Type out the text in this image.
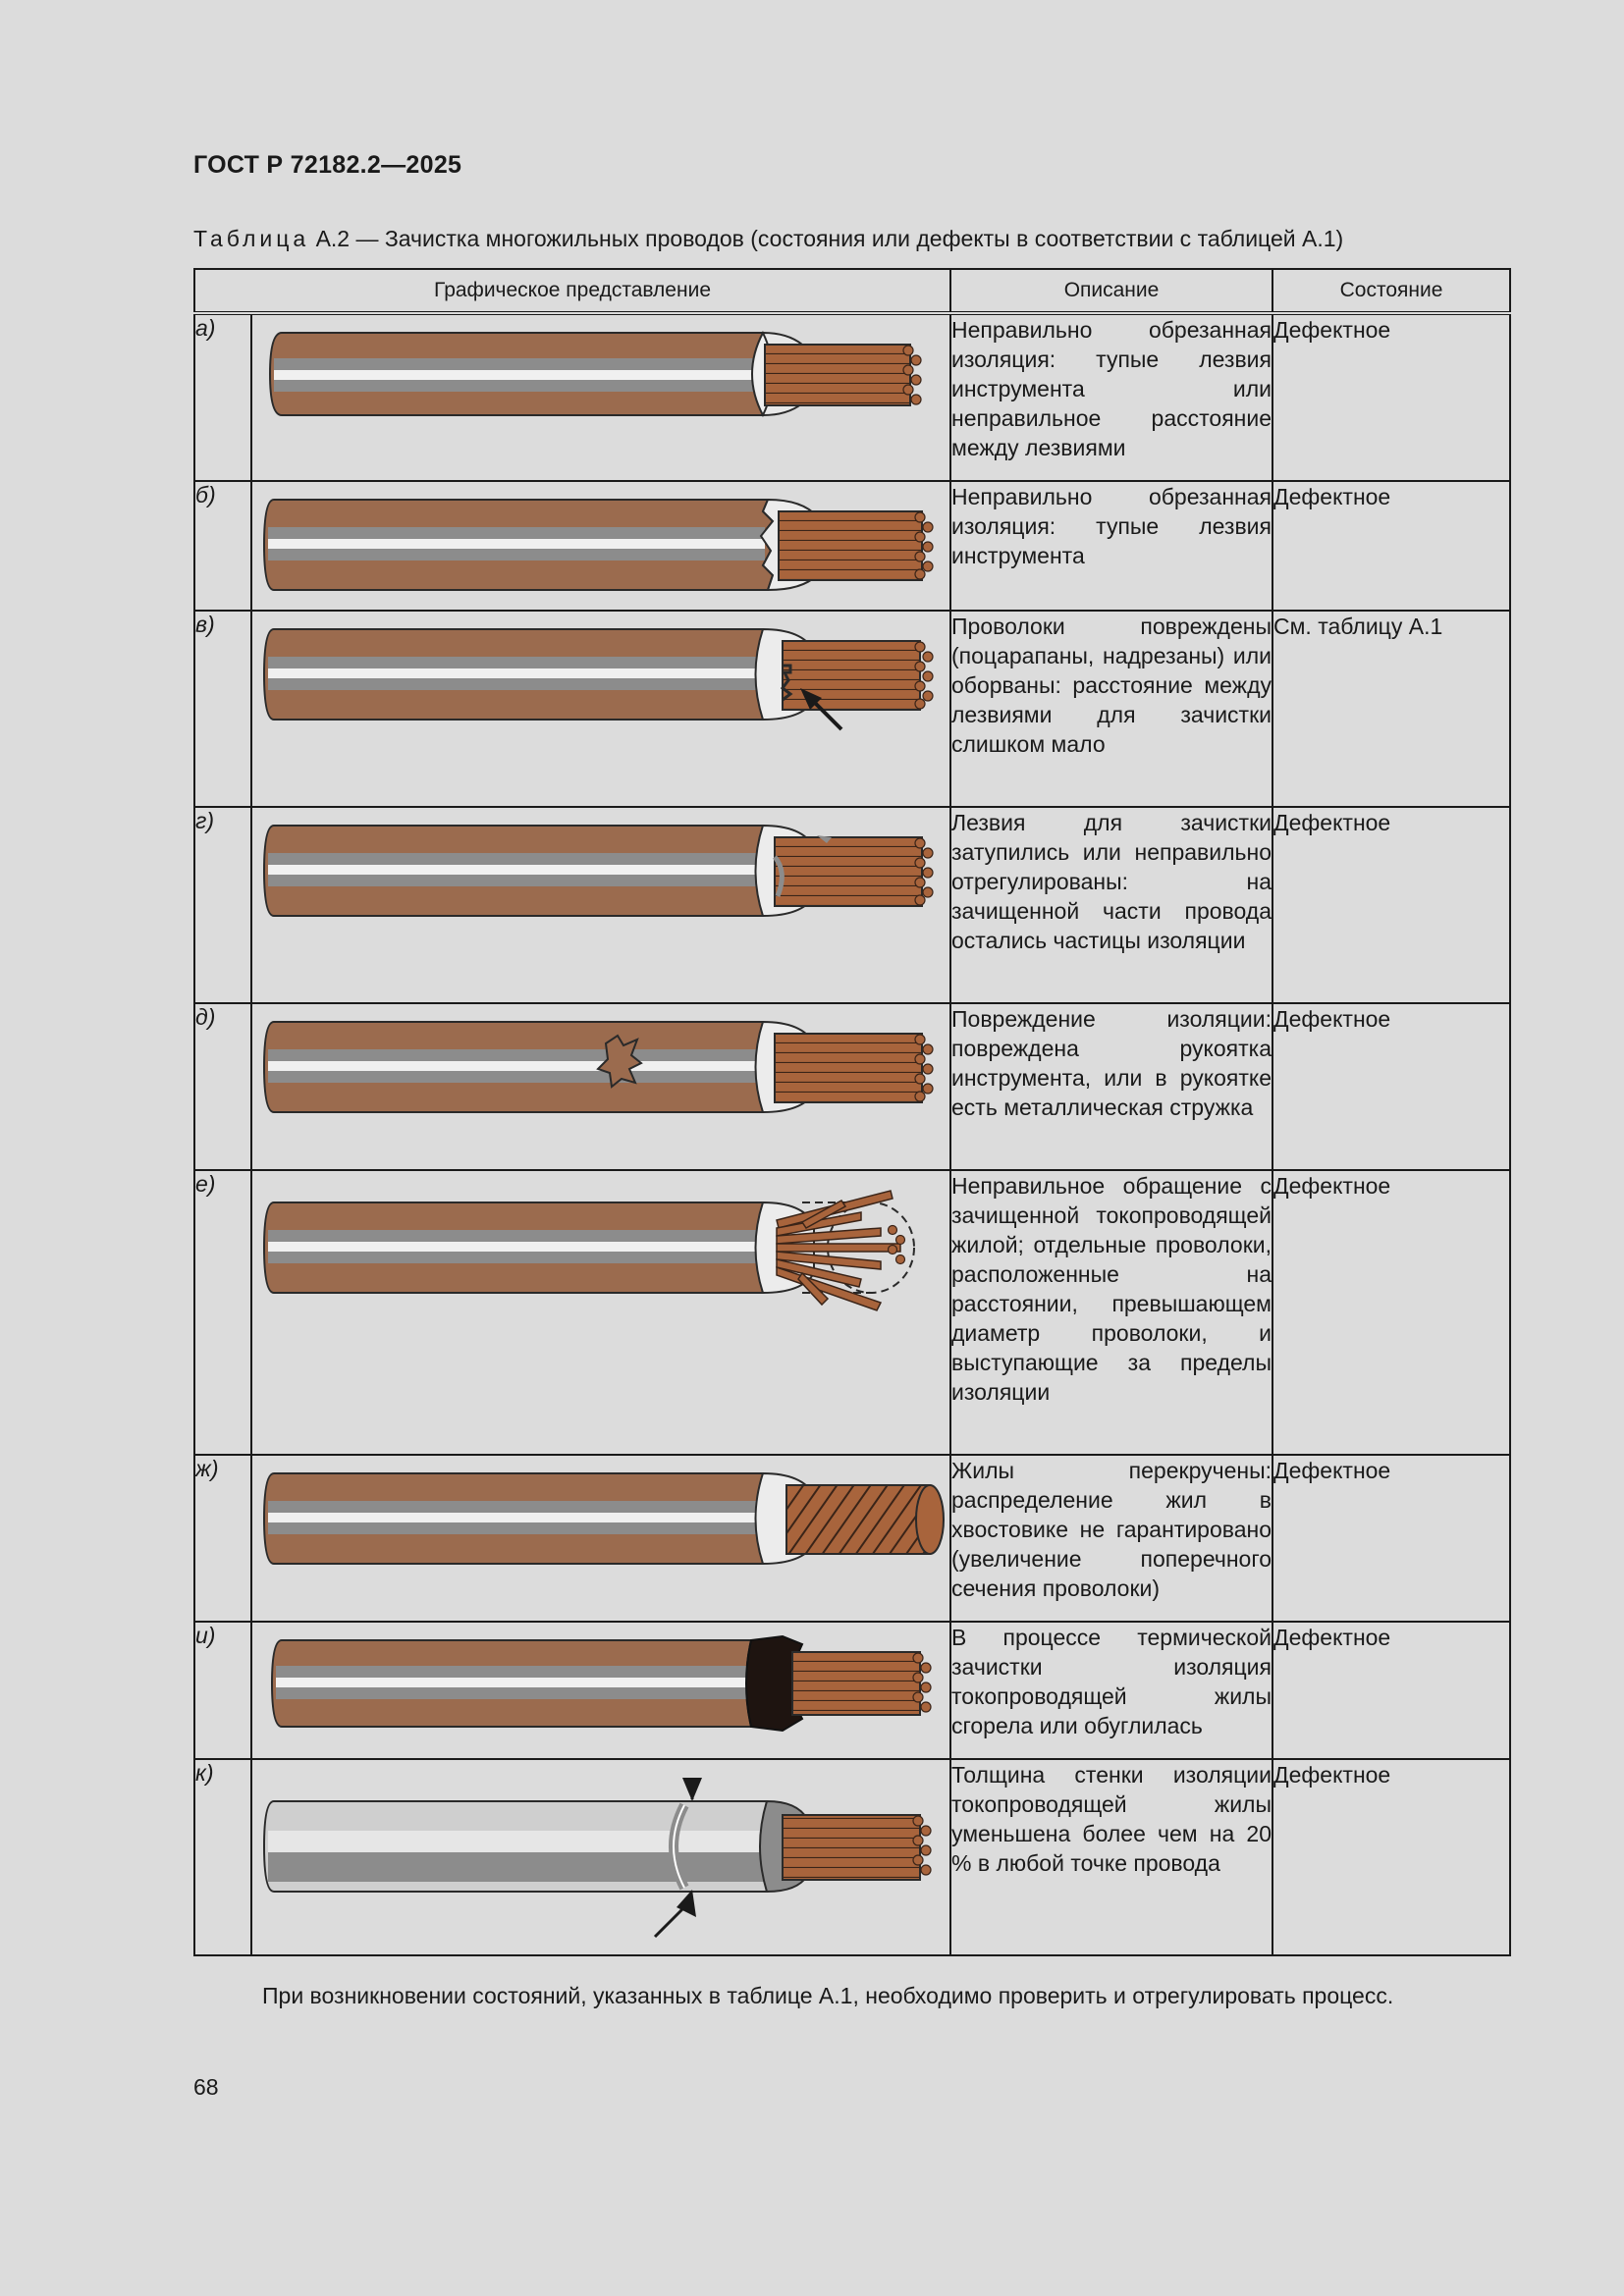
ГОСТ Р 72182.2—2025
Таблица А.2 — Зачистка многожильных проводов (состояния или дефекты в соответствии с таблицей А.1)
Графическое представление		Описание	Состояние
а)		Неправильно обрезанная изоляция: тупые лезвия инструмента или неправильное расстояние между лезвиями	Дефектное
б)		Неправильно обрезанная изоляция: тупые лезвия инструмента	Дефектное
в)		Проволоки повреждены (поцарапаны, надрезаны) или оборваны: расстояние между лезвиями для зачистки слишком мало	См. таблицу А.1
г)		Лезвия для зачистки затупились или неправильно отрегулированы: на зачищенной части провода остались частицы изоляции	Дефектное
д)		Повреждение изоляции: повреждена рукоятка инструмента, или в рукоятке есть металлическая стружка	Дефектное
е)		Неправильное обращение с зачищенной токопроводящей жилой; отдельные проволоки, расположенные на расстоянии, превышающем диаметр проволоки, и выступающие за пределы изоляции	Дефектное
ж)		Жилы перекручены: распределение жил в хвостовике не гарантировано (увеличение поперечного сечения проволоки)	Дефектное
и)		В процессе термической зачистки изоляция токопроводящей жилы сгорела или обуглилась	Дефектное
к)		Толщина стенки изоляции токопроводящей жилы уменьшена более чем на 20 % в любой точке провода	Дефектное
При возникновении состояний, указанных в таблице А.1, необходимо проверить и отрегулировать процесс.
68
